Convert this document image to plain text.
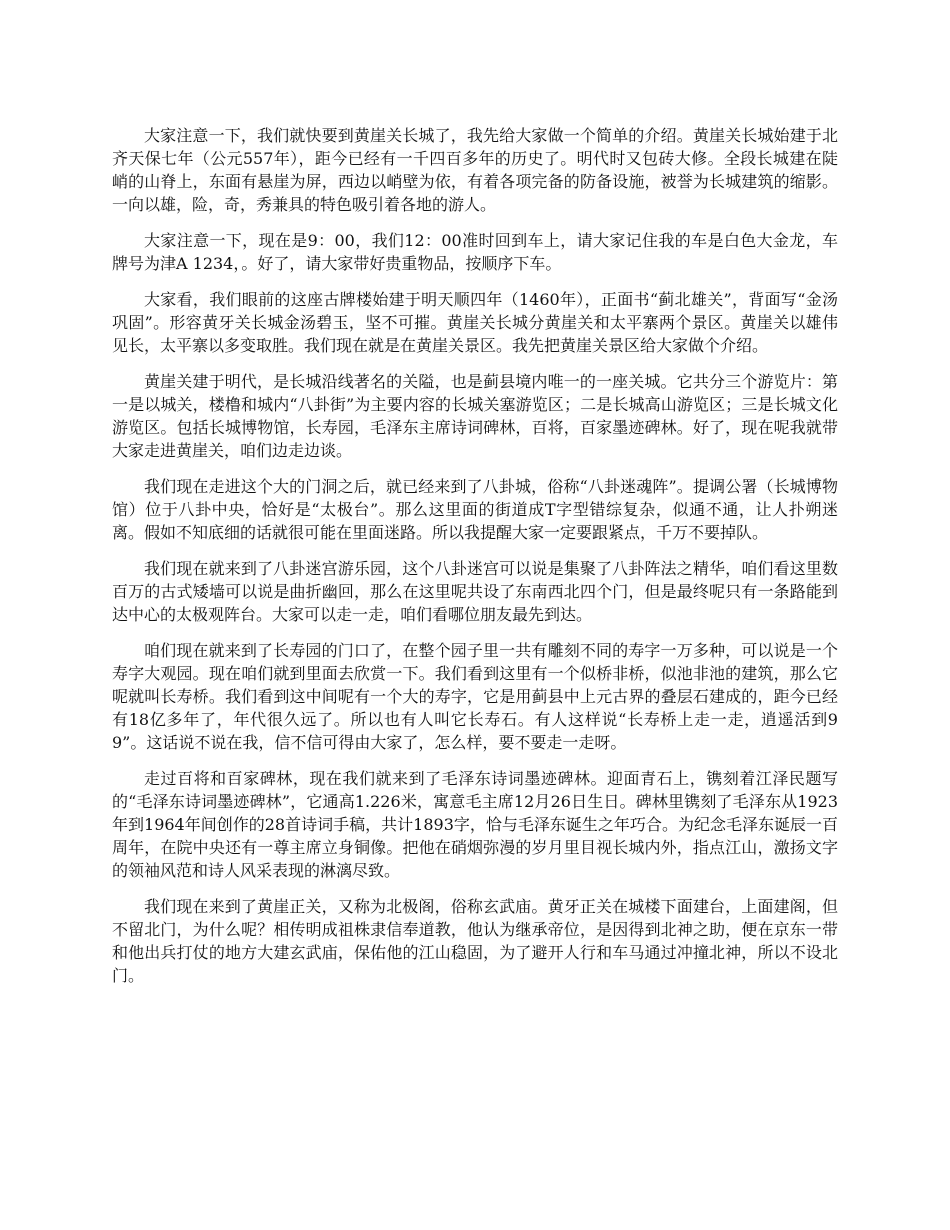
大家注意一下，我们就快要到黄崖关长城了，我先给大家做一个简单的介绍。黄崖关长城始建于北齐天保七年（公元557年），距今已经有一千四百多年的历史了。明代时又包砖大修。全段长城建在陡峭的山脊上，东面有悬崖为屏，西边以峭壁为依，有着各项完备的防备设施，被誉为长城建筑的缩影。一向以雄，险，奇，秀兼具的特色吸引着各地的游人。

大家注意一下，现在是9：00，我们12：00准时回到车上，请大家记住我的车是白色大金龙，车牌号为津A 1234，。好了，请大家带好贵重物品，按顺序下车。

大家看，我们眼前的这座古牌楼始建于明天顺四年（1460年），正面书“蓟北雄关”，背面写“金汤巩固”。形容黄牙关长城金汤碧玉，坚不可摧。黄崖关长城分黄崖关和太平寨两个景区。黄崖关以雄伟见长，太平寨以多变取胜。我们现在就是在黄崖关景区。我先把黄崖关景区给大家做个介绍。

黄崖关建于明代，是长城沿线著名的关隘，也是蓟县境内唯一的一座关城。它共分三个游览片：第一是以城关，楼橹和城内“八卦街”为主要内容的长城关塞游览区；二是长城高山游览区；三是长城文化游览区。包括长城博物馆，长寿园，毛泽东主席诗词碑林，百将，百家墨迹碑林。好了，现在呢我就带大家走进黄崖关，咱们边走边谈。

我们现在走进这个大的门洞之后，就已经来到了八卦城，俗称“八卦迷魂阵”。提调公署（长城博物馆）位于八卦中央，恰好是“太极台”。那么这里面的街道成T字型错综复杂，似通不通，让人扑朔迷离。假如不知底细的话就很可能在里面迷路。所以我提醒大家一定要跟紧点，千万不要掉队。

我们现在就来到了八卦迷宫游乐园，这个八卦迷宫可以说是集聚了八卦阵法之精华，咱们看这里数百万的古式矮墙可以说是曲折幽回，那么在这里呢共设了东南西北四个门，但是最终呢只有一条路能到达中心的太极观阵台。大家可以走一走，咱们看哪位朋友最先到达。

咱们现在就来到了长寿园的门口了，在整个园子里一共有雕刻不同的寿字一万多种，可以说是一个寿字大观园。现在咱们就到里面去欣赏一下。我们看到这里有一个似桥非桥，似池非池的建筑，那么它呢就叫长寿桥。我们看到这中间呢有一个大的寿字，它是用蓟县中上元古界的叠层石建成的，距今已经有18亿多年了，年代很久远了。所以也有人叫它长寿石。有人这样说“长寿桥上走一走，逍遥活到99”。这话说不说在我，信不信可得由大家了，怎么样，要不要走一走呀。

走过百将和百家碑林，现在我们就来到了毛泽东诗词墨迹碑林。迎面青石上，镌刻着江泽民题写的“毛泽东诗词墨迹碑林”，它通高1.226米，寓意毛主席12月26日生日。碑林里镌刻了毛泽东从1923年到1964年间创作的28首诗词手稿，共计1893字，恰与毛泽东诞生之年巧合。为纪念毛泽东诞辰一百周年，在院中央还有一尊主席立身铜像。把他在硝烟弥漫的岁月里目视长城内外，指点江山，激扬文字的领袖风范和诗人风采表现的淋漓尽致。

我们现在来到了黄崖正关，又称为北极阁，俗称玄武庙。黄牙正关在城楼下面建台，上面建阁，但不留北门，为什么呢？相传明成祖株隶信奉道教，他认为继承帝位，是因得到北神之助，便在京东一带和他出兵打仗的地方大建玄武庙，保佑他的江山稳固，为了避开人行和车马通过冲撞北神，所以不设北门。
